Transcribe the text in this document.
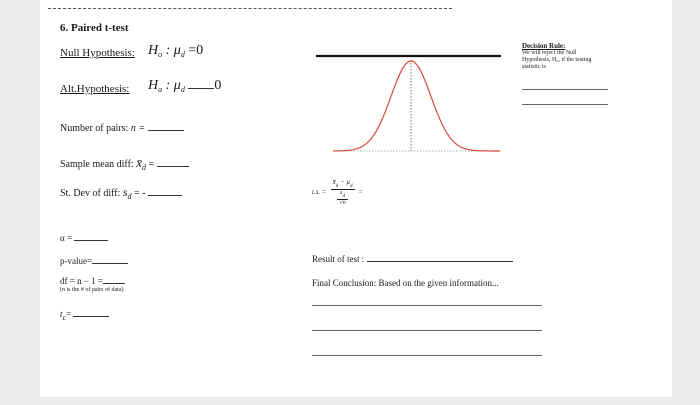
6. Paired t-test
Null Hypothesis: $H_o$ : $\mu_d =0$
Alt.Hypothesis: $H_a$ : $\mu_d$ 0
Number of pairs: n =
Sample mean diff: $x̄_d$ =
St. Dev of diff: $s_d$ = -
α =
p-value=
df = n − 1 =
(n is the # of pairs of data)
tc=
t.s. = $\frac{x̄_d - \mu_d}{\frac{s_d}{√n}}$ =
Decision Rule:
We will reject the Null
Hypothesis, H₀, if the testing
statistic is
Result of test :
Final Conclusion: Based on the given information...
